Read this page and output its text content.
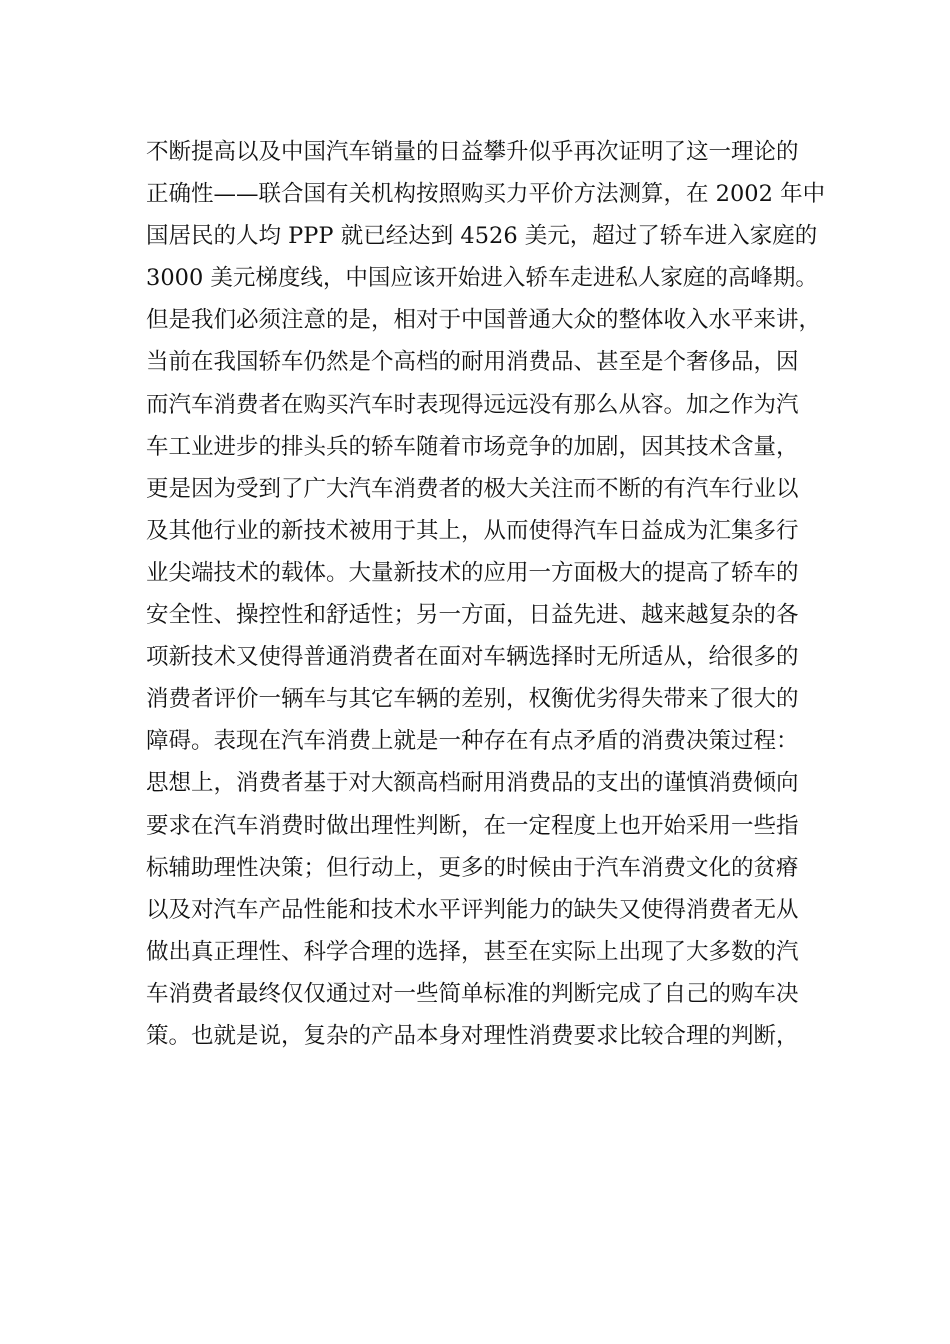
不断提高以及中国汽车销量的日益攀升似乎再次证明了这一理论的
正确性——联合国有关机构按照购买力平价方法测算，在 2002 年中
国居民的人均 PPP 就已经达到 4526 美元，超过了轿车进入家庭的
3000 美元梯度线，中国应该开始进入轿车走进私人家庭的高峰期。
但是我们必须注意的是，相对于中国普通大众的整体收入水平来讲，
当前在我国轿车仍然是个高档的耐用消费品、甚至是个奢侈品，因
而汽车消费者在购买汽车时表现得远远没有那么从容。加之作为汽
车工业进步的排头兵的轿车随着市场竞争的加剧，因其技术含量，
更是因为受到了广大汽车消费者的极大关注而不断的有汽车行业以
及其他行业的新技术被用于其上，从而使得汽车日益成为汇集多行
业尖端技术的载体。大量新技术的应用一方面极大的提高了轿车的
安全性、操控性和舒适性；另一方面，日益先进、越来越复杂的各
项新技术又使得普通消费者在面对车辆选择时无所适从，给很多的
消费者评价一辆车与其它车辆的差别，权衡优劣得失带来了很大的
障碍。表现在汽车消费上就是一种存在有点矛盾的消费决策过程：
思想上，消费者基于对大额高档耐用消费品的支出的谨慎消费倾向
要求在汽车消费时做出理性判断，在一定程度上也开始采用一些指
标辅助理性决策；但行动上，更多的时候由于汽车消费文化的贫瘠
以及对汽车产品性能和技术水平评判能力的缺失又使得消费者无从
做出真正理性、科学合理的选择，甚至在实际上出现了大多数的汽
车消费者最终仅仅通过对一些简单标准的判断完成了自己的购车决
策。也就是说，复杂的产品本身对理性消费要求比较合理的判断，
